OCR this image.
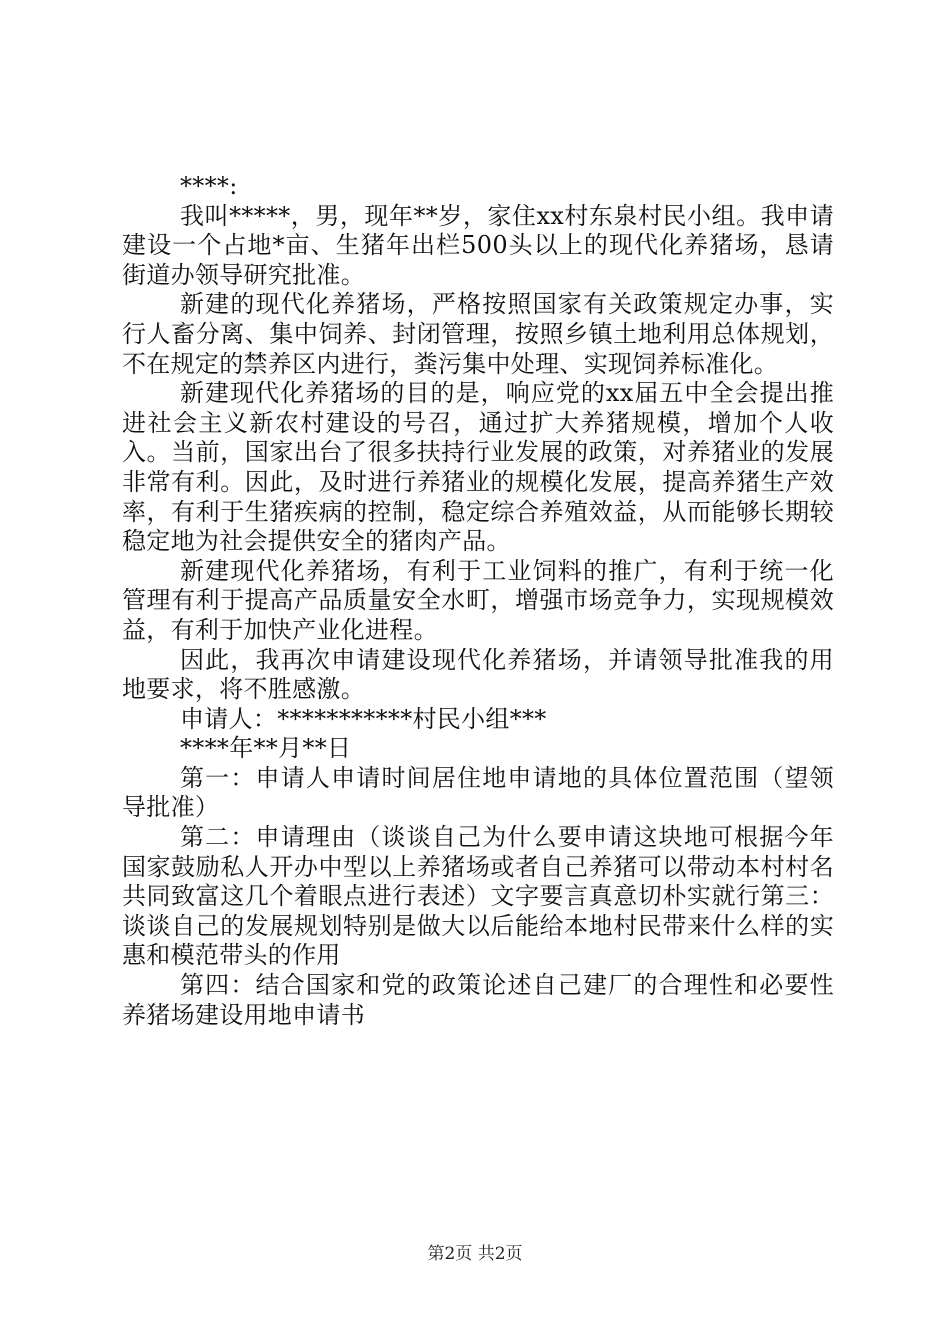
****:

我叫*****，男，现年**岁，家住xx村东泉村民小组。我申请建设一个占地*亩、生猪年出栏500头以上的现代化养猪场，恳请街道办领导研究批准。

新建的现代化养猪场，严格按照国家有关政策规定办事，实行人畜分离、集中饲养、封闭管理，按照乡镇土地利用总体规划，不在规定的禁养区内进行，粪污集中处理、实现饲养标准化。

新建现代化养猪场的目的是，响应党的xx届五中全会提出推进社会主义新农村建设的号召，通过扩大养猪规模，增加个人收入。当前，国家出台了很多扶持行业发展的政策，对养猪业的发展非常有利。因此，及时进行养猪业的规模化发展，提高养猪生产效率，有利于生猪疾病的控制，稳定综合养殖效益，从而能够长期较稳定地为社会提供安全的猪肉产品。

新建现代化养猪场，有利于工业饲料的推广，有利于统一化管理有利于提高产品质量安全水町，增强市场竞争力，实现规模效益，有利于加快产业化进程。

因此，我再次申请建设现代化养猪场，并请领导批准我的用地要求，将不胜感激。

申请人：***********村民小组***

****年**月**日

第一：申请人申请时间居住地申请地的具体位置范围（望领导批准）

第二：申请理由（谈谈自己为什么要申请这块地可根据今年国家鼓励私人开办中型以上养猪场或者自己养猪可以带动本村村名共同致富这几个着眼点进行表述）文字要言真意切朴实就行第三：谈谈自己的发展规划特别是做大以后能给本地村民带来什么样的实惠和模范带头的作用

第四：结合国家和党的政策论述自己建厂的合理性和必要性养猪场建设用地申请书

第2页 共2页
